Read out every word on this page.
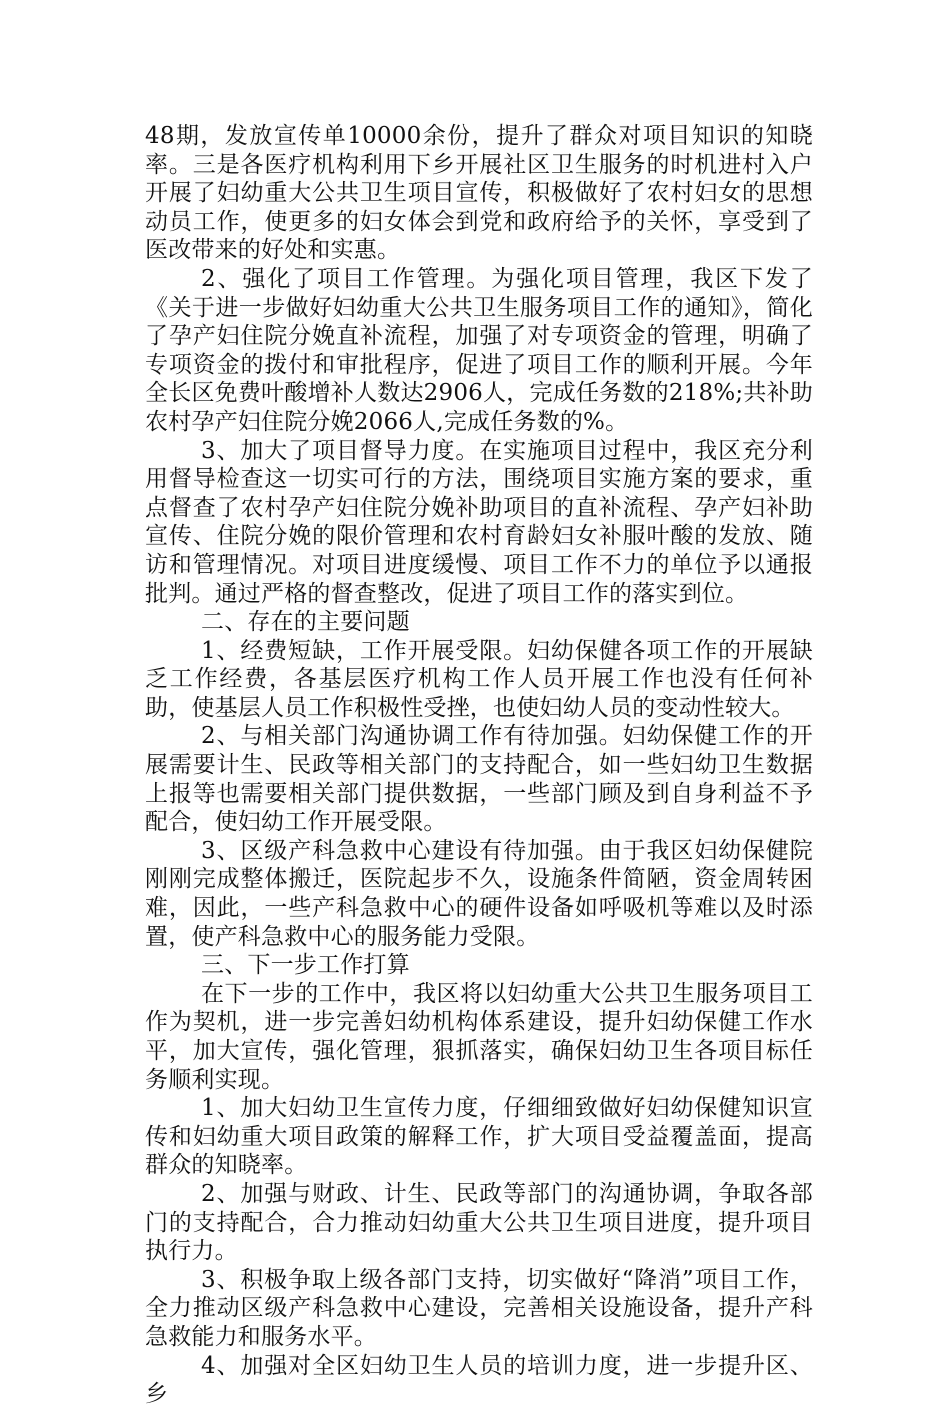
48期，发放宣传单10000余份，提升了群众对项目知识的知晓率。三是各医疗机构利用下乡开展社区卫生服务的时机进村入户开展了妇幼重大公共卫生项目宣传，积极做好了农村妇女的思想动员工作，使更多的妇女体会到党和政府给予的关怀，享受到了医改带来的好处和实惠。

2、强化了项目工作管理。为强化项目管理，我区下发了《关于进一步做好妇幼重大公共卫生服务项目工作的通知》，简化了孕产妇住院分娩直补流程，加强了对专项资金的管理，明确了专项资金的拨付和审批程序，促进了项目工作的顺利开展。今年全长区免费叶酸增补人数达2906人，完成任务数的218%;共补助农村孕产妇住院分娩2066人,完成任务数的%。

3、加大了项目督导力度。在实施项目过程中，我区充分利用督导检查这一切实可行的方法，围绕项目实施方案的要求，重点督查了农村孕产妇住院分娩补助项目的直补流程、孕产妇补助宣传、住院分娩的限价管理和农村育龄妇女补服叶酸的发放、随访和管理情况。对项目进度缓慢、项目工作不力的单位予以通报批判。通过严格的督查整改，促进了项目工作的落实到位。

二、存在的主要问题

1、经费短缺，工作开展受限。妇幼保健各项工作的开展缺乏工作经费，各基层医疗机构工作人员开展工作也没有任何补助，使基层人员工作积极性受挫，也使妇幼人员的变动性较大。

2、与相关部门沟通协调工作有待加强。妇幼保健工作的开展需要计生、民政等相关部门的支持配合，如一些妇幼卫生数据上报等也需要相关部门提供数据，一些部门顾及到自身利益不予配合，使妇幼工作开展受限。

3、区级产科急救中心建设有待加强。由于我区妇幼保健院刚刚完成整体搬迁，医院起步不久，设施条件简陋，资金周转困难，因此，一些产科急救中心的硬件设备如呼吸机等难以及时添置，使产科急救中心的服务能力受限。

三、下一步工作打算

在下一步的工作中，我区将以妇幼重大公共卫生服务项目工作为契机，进一步完善妇幼机构体系建设，提升妇幼保健工作水平，加大宣传，强化管理，狠抓落实，确保妇幼卫生各项目标任务顺利实现。

1、加大妇幼卫生宣传力度，仔细细致做好妇幼保健知识宣传和妇幼重大项目政策的解释工作，扩大项目受益覆盖面，提高群众的知晓率。

2、加强与财政、计生、民政等部门的沟通协调，争取各部门的支持配合，合力推动妇幼重大公共卫生项目进度，提升项目执行力。

3、积极争取上级各部门支持，切实做好“降消”项目工作，全力推动区级产科急救中心建设，完善相关设施设备，提升产科急救能力和服务水平。

4、加强对全区妇幼卫生人员的培训力度，进一步提升区、乡
